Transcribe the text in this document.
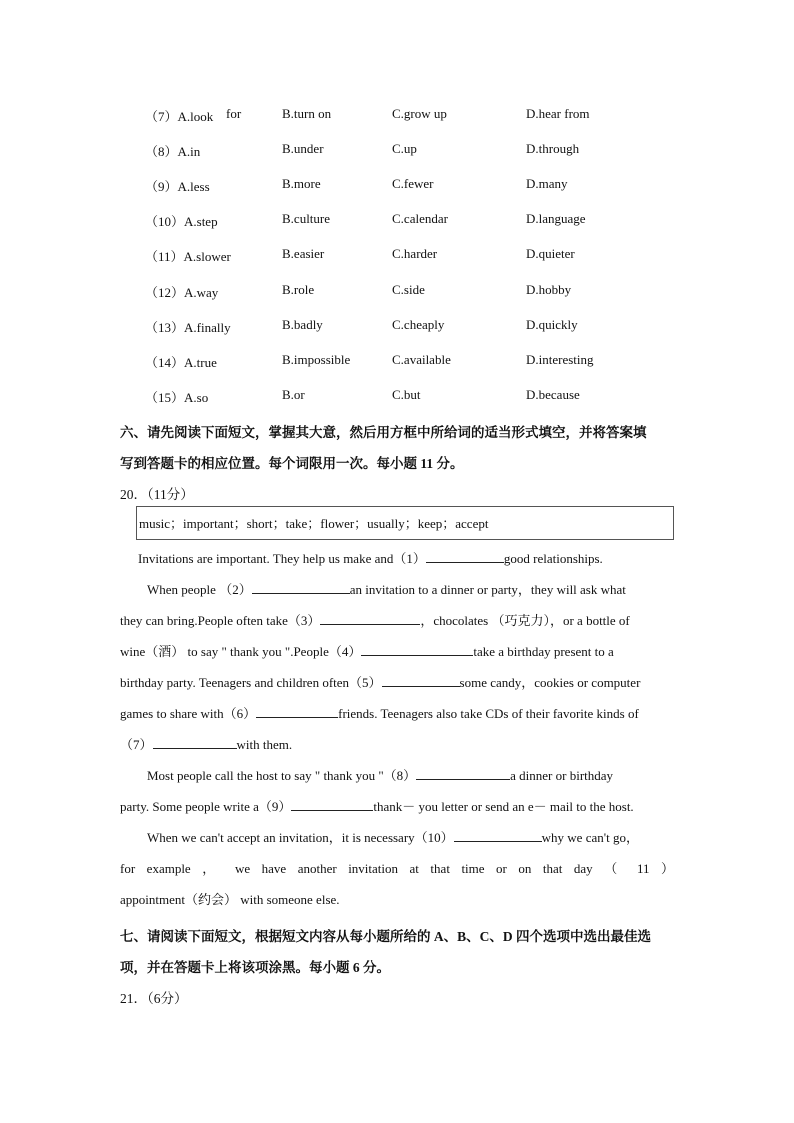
（7）A.look for	B.turn on	C.grow up	D.hear from
（8）A.in	B.under	C.up	D.through
（9）A.less	B.more	C.fewer	D.many
（10）A.step	B.culture	C.calendar	D.language
（11）A.slower	B.easier	C.harder	D.quieter
（12）A.way	B.role	C.side	D.hobby
（13）A.finally	B.badly	C.cheaply	D.quickly
（14）A.true	B.impossible	C.available	D.interesting
（15）A.so	B.or	C.but	D.because
六、请先阅读下面短文，掌握其大意，然后用方框中所给词的适当形式填空，并将答案填
写到答题卡的相应位置。每个词限用一次。每小题 11 分。
20．（11分）
music；important；short；take；flower；usually；keep；accept
Invitations are important. They help us make and（1）	good relationships.
When people （2）	an invitation to a dinner or party，they will ask what
they can bring.People often take（3）	，chocolates （巧克力），or a bottle of
wine（酒） to say " thank you ".People（4）	take a birthday present to a
birthday party. Teenagers and children often（5）	some candy，cookies or computer
games to share with（6）	friends. Teenagers also take CDs of their favorite kinds of
（7）	with them.
Most people call the host to say " thank you "（8）	a dinner or birthday
party. Some people write a（9）	thank－ you letter or send an e－ mail to the host.
When we can't accept an invitation，it is necessary（10）	why we can't go，
for example ， we have another invitation at that time or on that day （ 11 ）
appointment（约会） with someone else.
七、请阅读下面短文，根据短文内容从每小题所给的 A、B、C、D 四个选项中选出最佳选
项，并在答题卡上将该项涂黑。每小题 6 分。
21．（6分）
